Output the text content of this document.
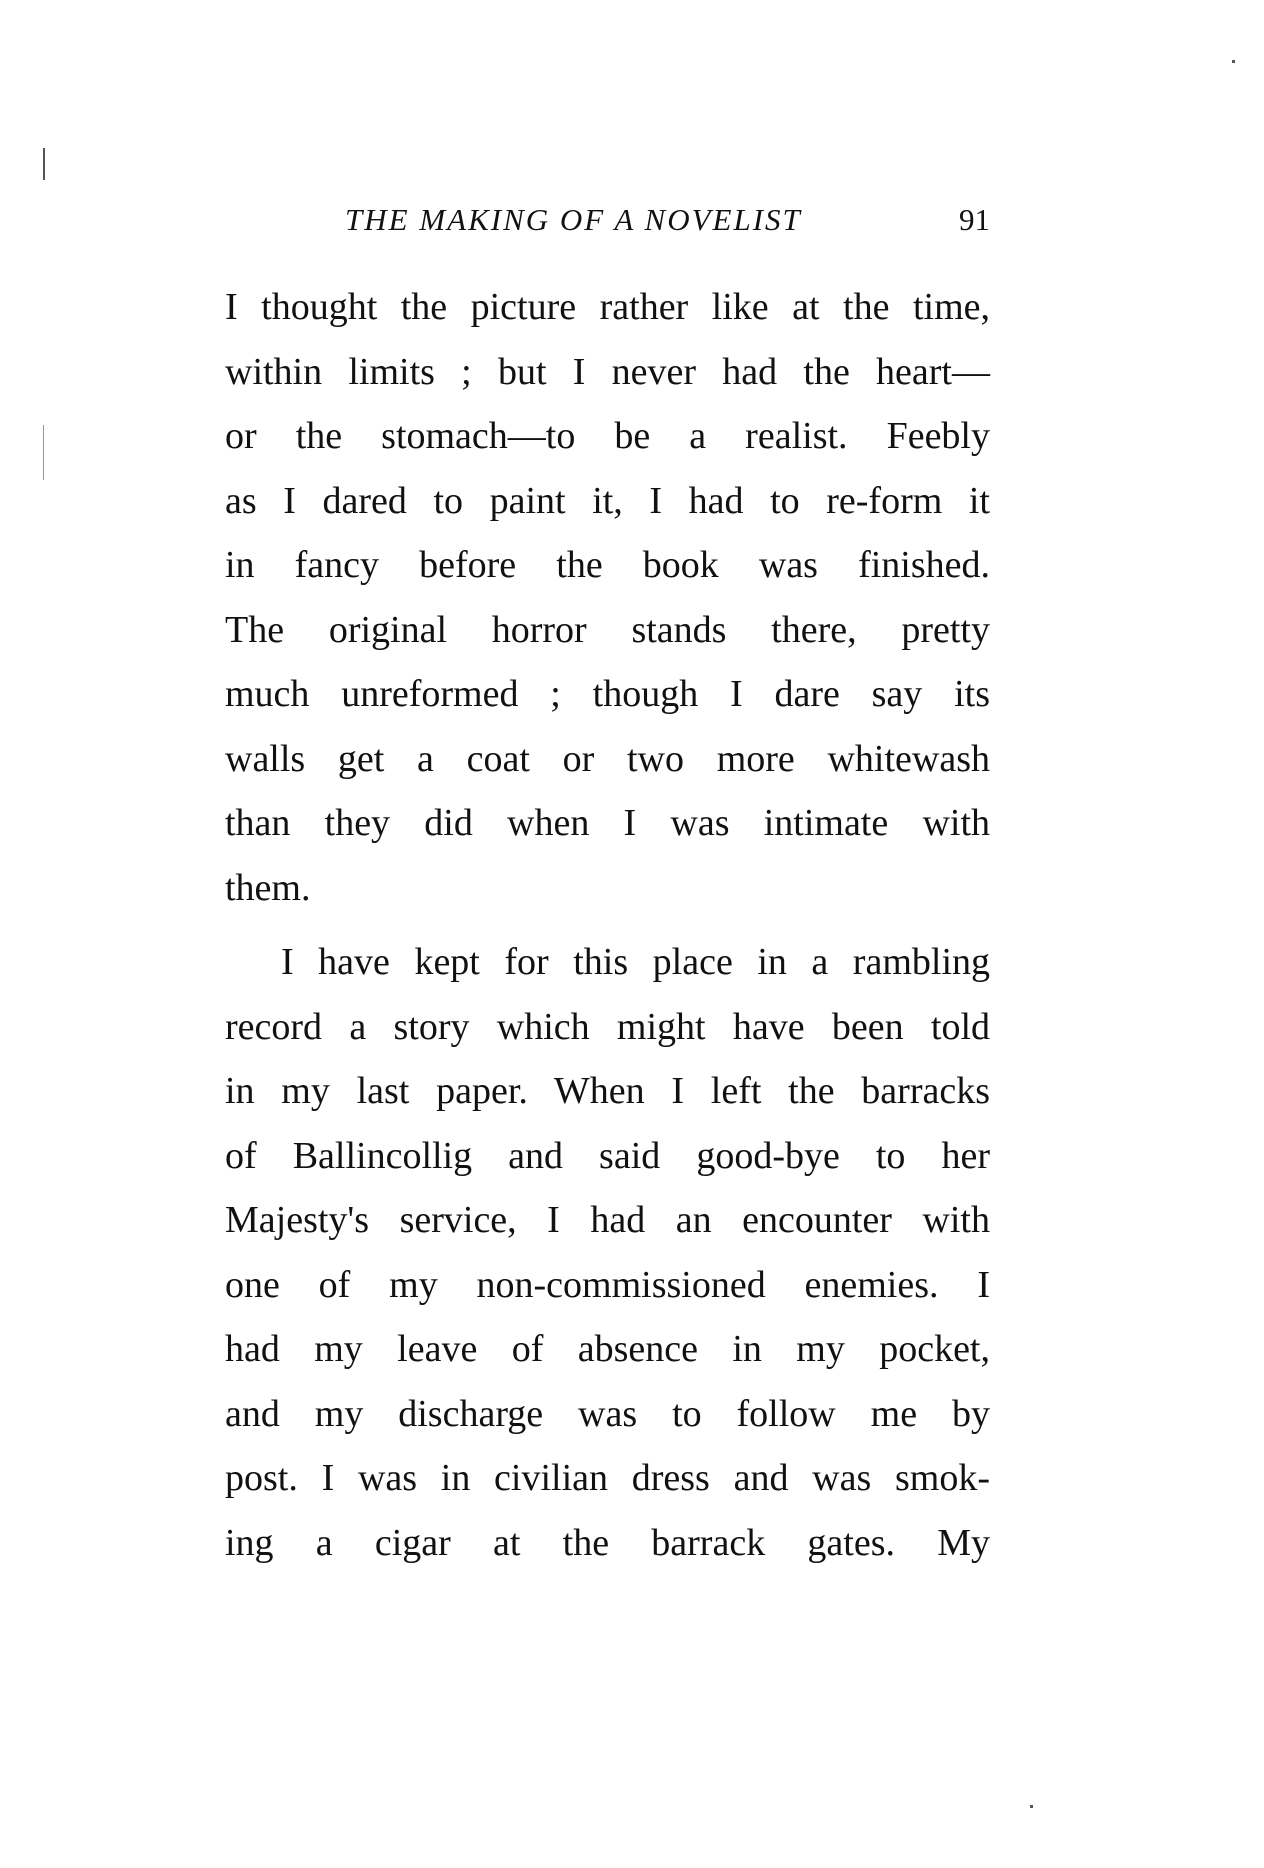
THE MAKING OF A NOVELIST	91
I thought the picture rather like at the time,
within limits ; but I never had the heart—
or the stomach—to be a realist. Feebly
as I dared to paint it, I had to re-form it
in fancy before the book was finished.
The original horror stands there, pretty
much unreformed ; though I dare say its
walls get a coat or two more whitewash
than they did when I was intimate with
them.
I have kept for this place in a rambling
record a story which might have been told
in my last paper. When I left the barracks
of Ballincollig and said good-bye to her
Majesty's service, I had an encounter with
one of my non-commissioned enemies. I
had my leave of absence in my pocket,
and my discharge was to follow me by
post. I was in civilian dress and was smok-
ing a cigar at the barrack gates. My
